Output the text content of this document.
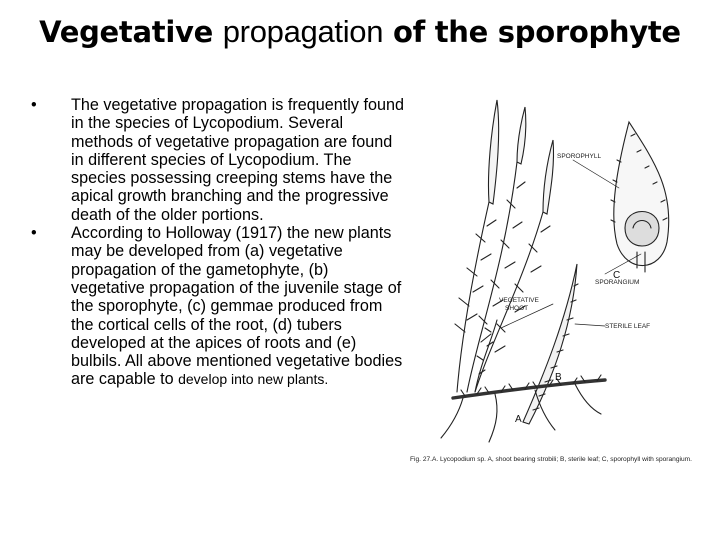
Vegetative propagation of the sporophyte
• The vegetative propagation is frequently found in the species of Lycopodium. Several methods of vegetative propagation are found in different species of Lycopodium. The species possessing creeping stems have the apical growth branching and the progressive death of the older portions.
• According to Holloway (1917) the new plants may be developed from (a) vegetative propagation of the gametophyte, (b) vegetative propagation of the juvenile stage of the sporophyte, (c) gemmae produced from the cortical cells of the root, (d) tubers developed at the apices of roots and (e) bulbils. All above mentioned vegetative bodies are capable to develop into new plants.
SPOROPHYLL
SPORANGIUM
VEGETATIVE
SHOOT
STERILE LEAF
B
C
A
Fig. 27.A. Lycopodium sp. A, shoot bearing strobili; B, sterile leaf; C, sporophyll with sporangium.
